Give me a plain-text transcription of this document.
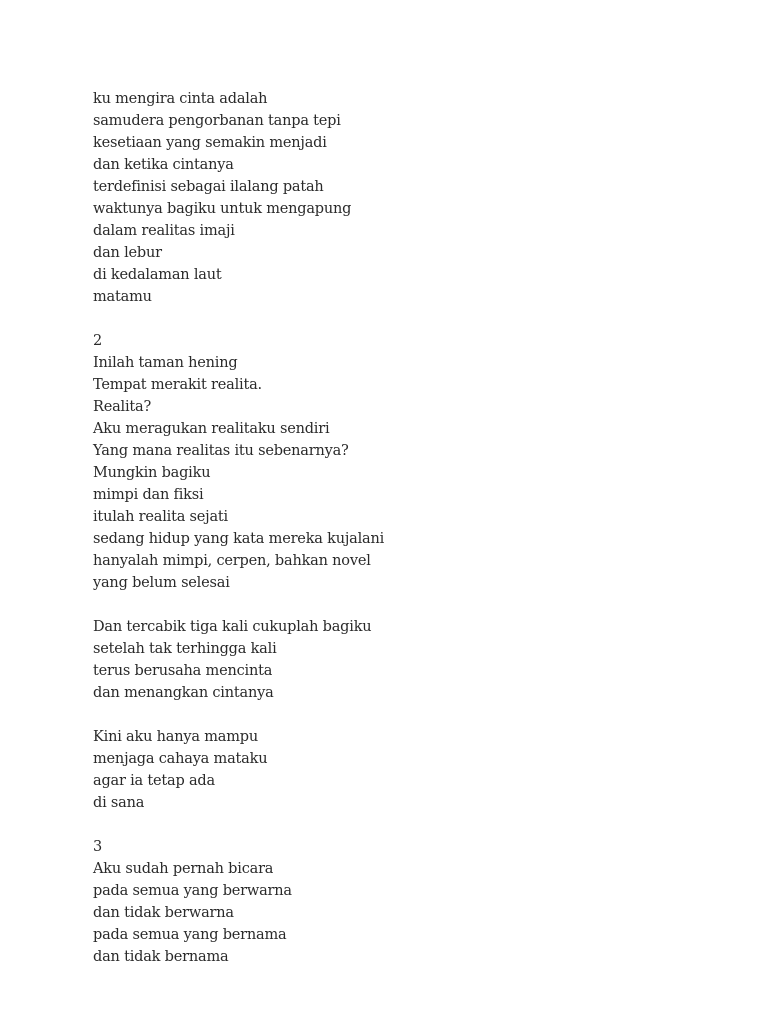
ku mengira cinta adalah
samudera pengorbanan tanpa tepi
kesetiaan yang semakin menjadi
dan ketika cintanya
terdefinisi sebagai ilalang patah
waktunya bagiku untuk mengapung
dalam realitas imaji
dan lebur
di kedalaman laut
matamu
2
Inilah taman hening
Tempat merakit realita.
Realita?
Aku meragukan realitaku sendiri
Yang mana realitas itu sebenarnya?
Mungkin bagiku
mimpi dan fiksi
itulah realita sejati
sedang hidup yang kata mereka kujalani
hanyalah mimpi, cerpen, bahkan novel
yang belum selesai
Dan tercabik tiga kali cukuplah bagiku
setelah tak terhingga kali
terus berusaha mencinta
dan menangkan cintanya
Kini aku hanya mampu
menjaga cahaya mataku
agar ia tetap ada
di sana
3
Aku sudah pernah bicara
pada semua yang berwarna
dan tidak berwarna
pada semua yang bernama
dan tidak bernama
